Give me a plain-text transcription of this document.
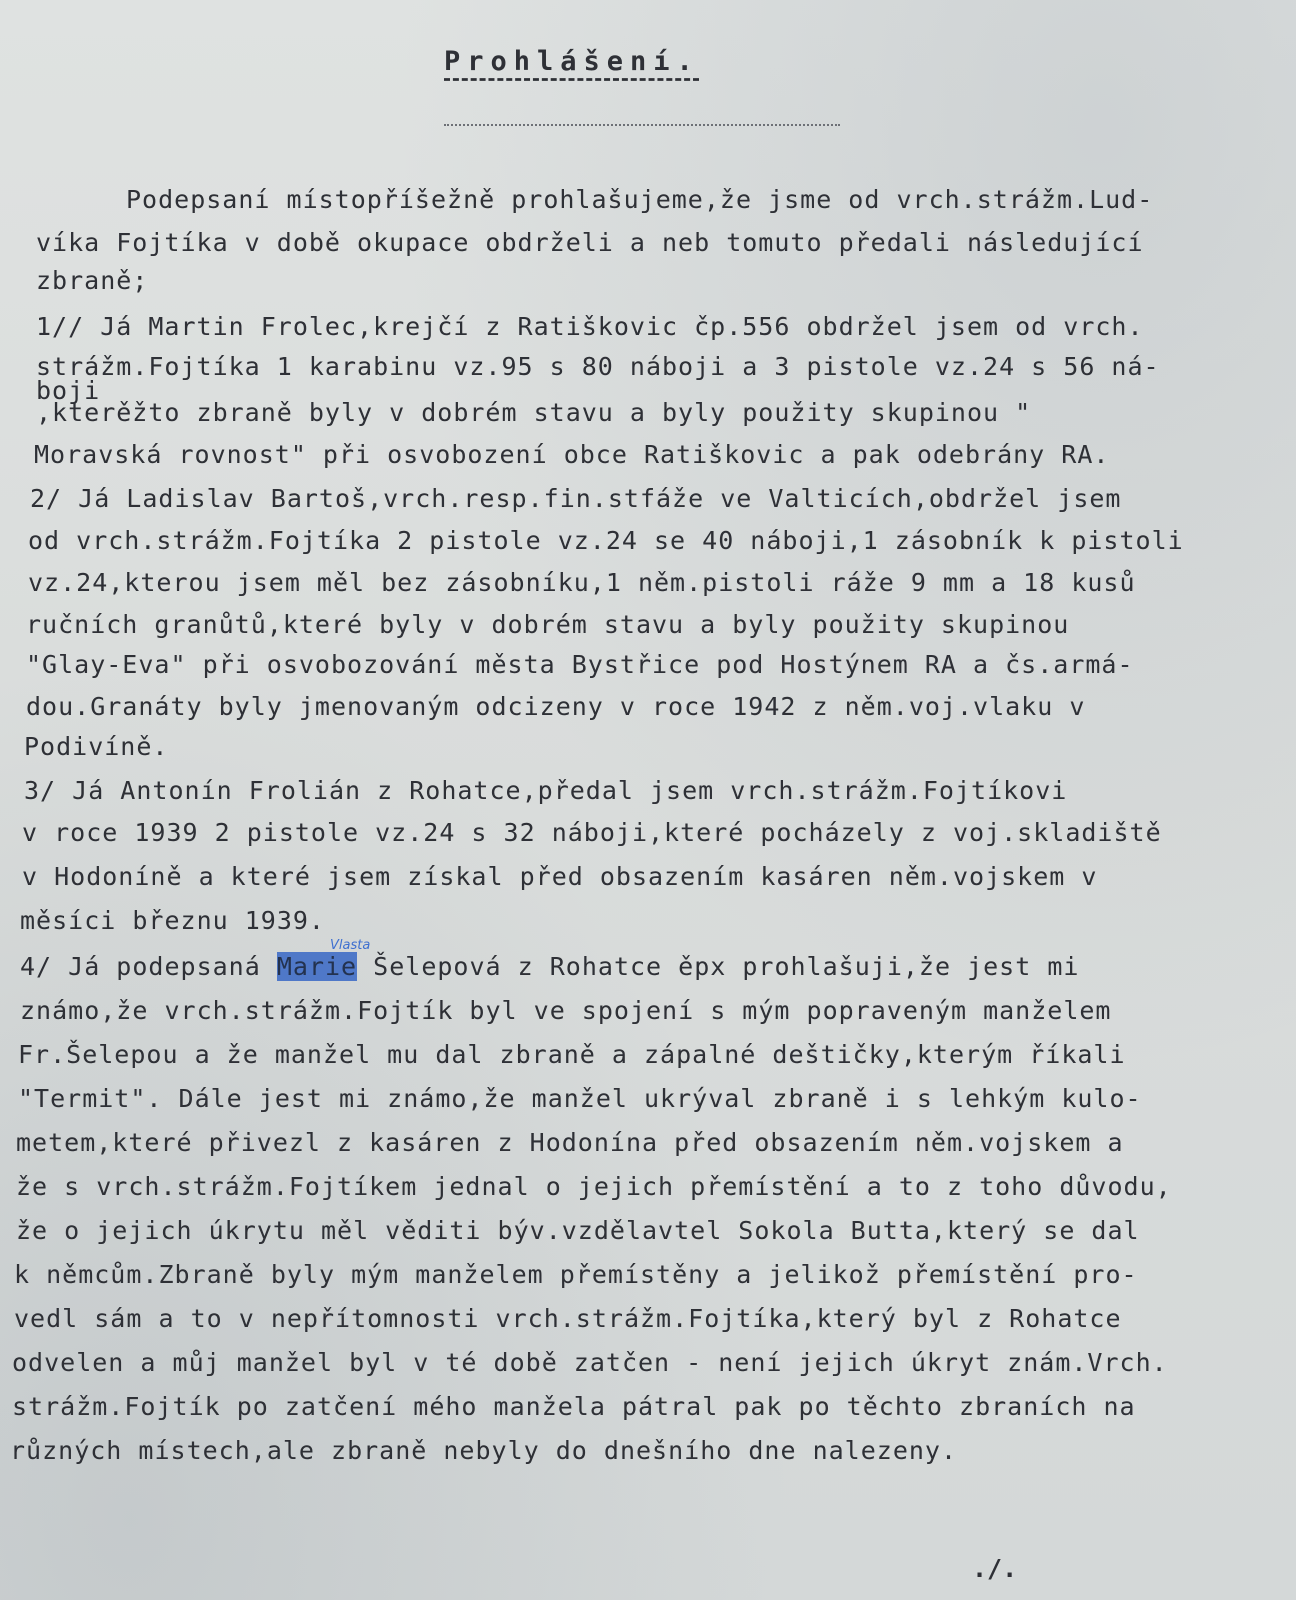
Prohlášení.
Podepsaní místopříšežně prohlašujeme,že jsme od vrch.strážm.Lud-
víka Fojtíka v době okupace obdrželi a neb tomuto předali následující
zbraně;
1// Já Martin Frolec,krejčí z Ratiškovic čp.556 obdržel jsem od vrch.
strážm.Fojtíka 1 karabinu vz.95 s 80 náboji a 3 pistole vz.24 s 56 ná-
boji
,kterěžto zbraně byly v dobrém stavu a byly použity skupinou "
Moravská rovnost" při osvobození obce Ratiškovic a pak odebrány RA.
2/ Já Ladislav Bartoš,vrch.resp.fin.stfáže ve Valticích,obdržel jsem
od vrch.strážm.Fojtíka 2 pistole vz.24 se 40 náboji,1 zásobník k pistoli
vz.24,kterou jsem měl bez zásobníku,1 něm.pistoli ráže 9 mm a 18 kusů
ručních granůtů,které byly v dobrém stavu a byly použity skupinou
"Glay-Eva" při osvobozování města Bystřice pod Hostýnem RA a čs.armá-
dou.Granáty byly jmenovaným odcizeny v roce 1942 z něm.voj.vlaku v
Podivíně.
3/ Já Antonín Frolián z Rohatce,předal jsem vrch.strážm.Fojtíkovi
v roce 1939 2 pistole vz.24 s 32 náboji,které pocházely z voj.skladiště
v Hodoníně a které jsem získal před obsazením kasáren něm.vojskem v
měsíci březnu 1939.
4/ Já podepsaná Marie Šelepová z Rohatce ěpx prohlašuji,že jest mi
Vlasta
známo,že vrch.strážm.Fojtík byl ve spojení s mým popraveným manželem
Fr.Šelepou a že manžel mu dal zbraně a zápalné deštičky,kterým říkali
"Termit". Dále jest mi známo,že manžel ukrýval zbraně i s lehkým kulo-
metem,které přivezl z kasáren z Hodonína před obsazením něm.vojskem a
že s vrch.strážm.Fojtíkem jednal o jejich přemístění a to z toho důvodu,
že o jejich úkrytu měl věditi býv.vzdělavtel Sokola Butta,který se dal
k němcům.Zbraně byly mým manželem přemístěny a jelikož přemístění pro-
vedl sám a to v nepřítomnosti vrch.strážm.Fojtíka,který byl z Rohatce
odvelen a můj manžel byl v té době zatčen - není jejich úkryt znám.Vrch.
strážm.Fojtík po zatčení mého manžela pátral pak po těchto zbraních na
různých místech,ale zbraně nebyly do dnešního dne nalezeny.
./.
